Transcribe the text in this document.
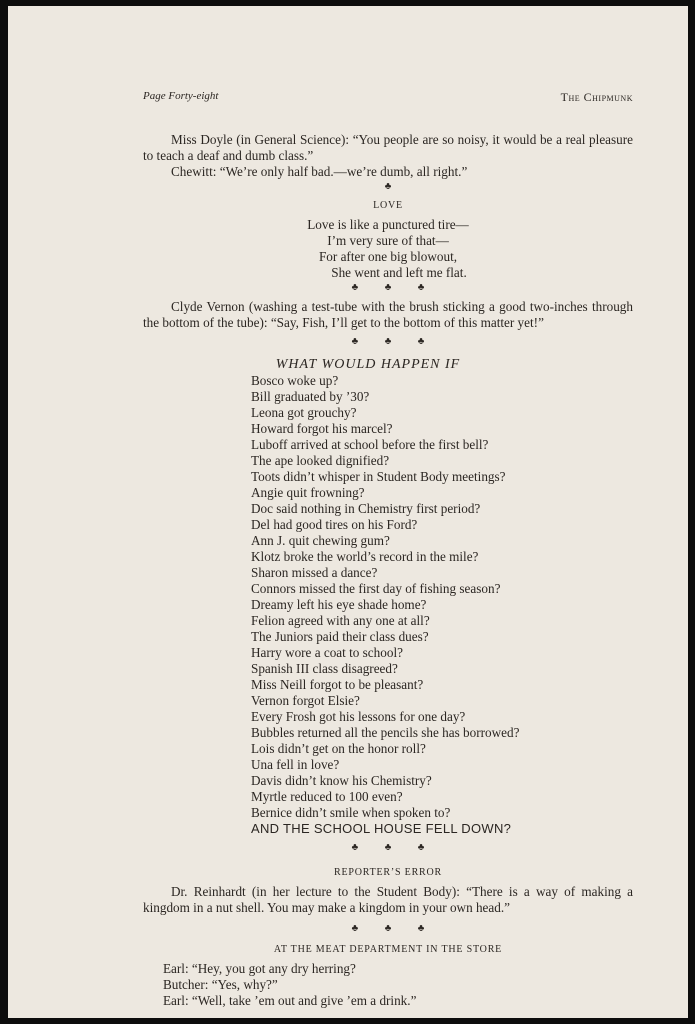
Page Forty-eight	The Chipmunk

Miss Doyle (in General Science): “You people are so noisy, it would be a real pleasure to teach a deaf and dumb class.”

Chewitt: “We’re only half bad.—we’re dumb, all right.”

♣
LOVE
Love is like a punctured tire—
I’m very sure of that—
For after one big blowout,
She went and left me flat.
♣ ♣ ♣

Clyde Vernon (washing a test-tube with the brush sticking a good two-inches through the bottom of the tube): “Say, Fish, I’ll get to the bottom of this matter yet!”

♣ ♣ ♣
WHAT WOULD HAPPEN IF
Bosco woke up?
Bill graduated by ’30?
Leona got grouchy?
Howard forgot his marcel?
Luboff arrived at school before the first bell?
The ape looked dignified?
Toots didn’t whisper in Student Body meetings?
Angie quit frowning?
Doc said nothing in Chemistry first period?
Del had good tires on his Ford?
Ann J. quit chewing gum?
Klotz broke the world’s record in the mile?
Sharon missed a dance?
Connors missed the first day of fishing season?
Dreamy left his eye shade home?
Felion agreed with any one at all?
The Juniors paid their class dues?
Harry wore a coat to school?
Spanish III class disagreed?
Miss Neill forgot to be pleasant?
Vernon forgot Elsie?
Every Frosh got his lessons for one day?
Bubbles returned all the pencils she has borrowed?
Lois didn’t get on the honor roll?
Una fell in love?
Davis didn’t know his Chemistry?
Myrtle reduced to 100 even?
Bernice didn’t smile when spoken to?
AND THE SCHOOL HOUSE FELL DOWN?
♣ ♣ ♣
REPORTER’S ERROR

Dr. Reinhardt (in her lecture to the Student Body): “There is a way of making a kingdom in a nut shell. You may make a kingdom in your own head.”

♣ ♣ ♣
AT THE MEAT DEPARTMENT IN THE STORE
Earl: “Hey, you got any dry herring?
Butcher: “Yes, why?”
Earl: “Well, take ’em out and give ’em a drink.”
